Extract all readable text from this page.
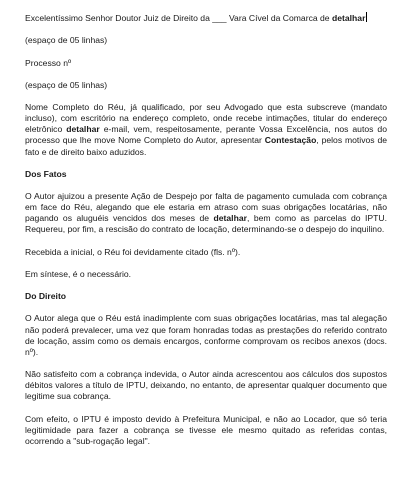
Excelentíssimo Senhor Doutor Juiz de Direito da ___ Vara Cível da Comarca de detalhar

(espaço de 05 linhas)

Processo nº

(espaço de 05 linhas)

Nome Completo do Réu, já qualificado, por seu Advogado que esta subscreve (mandato incluso), com escritório na endereço completo, onde recebe intimações, titular do endereço eletrônico detalhar e-mail, vem, respeitosamente, perante Vossa Excelência, nos autos do processo que lhe move Nome Completo do Autor, apresentar Contestação, pelos motivos de fato e de direito baixo aduzidos.

Dos Fatos

O Autor ajuizou a presente Ação de Despejo por falta de pagamento cumulada com cobrança em face do Réu, alegando que ele estaria em atraso com suas obrigações locatárias, não pagando os aluguéis vencidos dos meses de detalhar, bem como as parcelas do IPTU. Requereu, por fim, a rescisão do contrato de locação, determinando-se o despejo do inquilino.

Recebida a inicial, o Réu foi devidamente citado (fls. nº).

Em síntese, é o necessário.

Do Direito

O Autor alega que o Réu está inadimplente com suas obrigações locatárias, mas tal alegação não poderá prevalecer, uma vez que foram honradas todas as prestações do referido contrato de locação, assim como os demais encargos, conforme comprovam os recibos anexos (docs. nº).

Não satisfeito com a cobrança indevida, o Autor ainda acrescentou aos cálculos dos supostos débitos valores a título de IPTU, deixando, no entanto, de apresentar qualquer documento que legitime sua cobrança.

Com efeito, o IPTU é imposto devido à Prefeitura Municipal, e não ao Locador, que só teria legitimidade para fazer a cobrança se tivesse ele mesmo quitado as referidas contas, ocorrendo a "sub-rogação legal".
